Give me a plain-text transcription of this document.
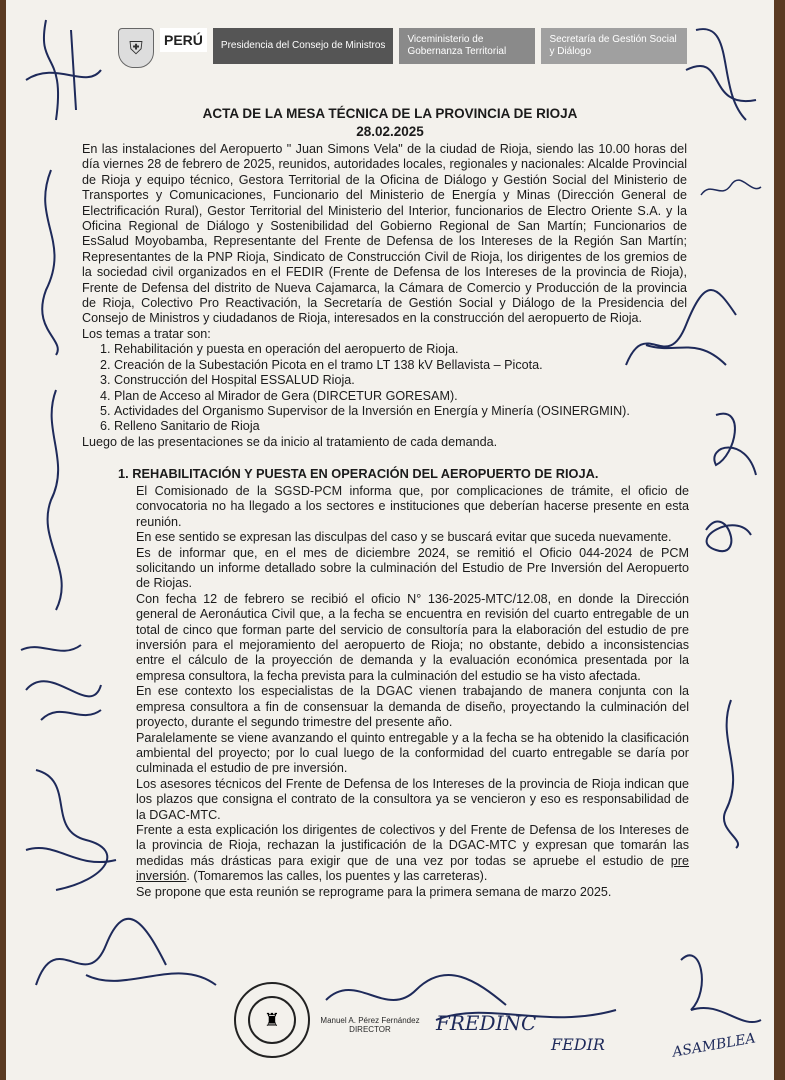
⛨	PERÚ	Presidencia del Consejo de Ministros
Viceministerio de Gobernanza Territorial
Secretaría de Gestión Social y Diálogo
ACTA DE LA MESA TÉCNICA DE LA PROVINCIA DE RIOJA
28.02.2025

En las instalaciones del Aeropuerto " Juan Simons Vela" de la ciudad de Rioja, siendo las 10.00 horas del día viernes 28 de febrero de 2025, reunidos, autoridades locales, regionales y nacionales: Alcalde Provincial de Rioja y equipo técnico, Gestora Territorial de la Oficina de Diálogo y Gestión Social del Ministerio de Transportes y Comunicaciones, Funcionario del Ministerio de Energía y Minas (Dirección General de Electrificación Rural), Gestor Territorial del Ministerio del Interior, funcionarios de Electro Oriente S.A. y la Oficina Regional de Diálogo y Sostenibilidad del Gobierno Regional de San Martín; Funcionarios de EsSalud Moyobamba, Representante del Frente de Defensa de los Intereses de la Región San Martín; Representantes de la PNP Rioja, Sindicato de Construcción Civil de Rioja, los dirigentes de los gremios de la sociedad civil organizados en el FEDIR (Frente de Defensa de los Intereses de la provincia de Rioja), Frente de Defensa del distrito de Nueva Cajamarca, la Cámara de Comercio y Producción de la provincia de Rioja, Colectivo Pro Reactivación, la Secretaría de Gestión Social y Diálogo de la Presidencia del Consejo de Ministros y ciudadanos de Rioja, interesados en la construcción del aeropuerto de Rioja.

Los temas a tratar son:

1. Rehabilitación y puesta en operación del aeropuerto de Rioja.
2. Creación de la Subestación Picota en el tramo LT 138 kV Bellavista – Picota.
3. Construcción del Hospital ESSALUD Rioja.
4. Plan de Acceso al Mirador de Gera (DIRCETUR GORESAM).
5. Actividades del Organismo Supervisor de la Inversión en Energía y Minería (OSINERGMIN).
6. Relleno Sanitario de Rioja

Luego de las presentaciones se da inicio al tratamiento de cada demanda.

1. REHABILITACIÓN Y PUESTA EN OPERACIÓN DEL AEROPUERTO DE RIOJA.

El Comisionado de la SGSD-PCM informa que, por complicaciones de trámite, el oficio de convocatoria no ha llegado a los sectores e instituciones que deberían hacerse presente en esta reunión.

En ese sentido se expresan las disculpas del caso y se buscará evitar que suceda nuevamente.

Es de informar que, en el mes de diciembre 2024, se remitió el Oficio 044-2024 de PCM solicitando un informe detallado sobre la culminación del Estudio de Pre Inversión del Aeropuerto de Riojas.

Con fecha 12 de febrero se recibió el oficio N° 136-2025-MTC/12.08, en donde la Dirección general de Aeronáutica Civil que, a la fecha se encuentra en revisión del cuarto entregable de un total de cinco que forman parte del servicio de consultoría para la elaboración del estudio de pre inversión para el mejoramiento del aeropuerto de Rioja; no obstante, debido a inconsistencias entre el cálculo de la proyección de demanda y la evaluación económica presentada por la empresa consultora, la fecha prevista para la culminación del estudio se ha visto afectada.

En ese contexto los especialistas de la DGAC vienen trabajando de manera conjunta con la empresa consultora a fin de consensuar la demanda de diseño, proyectando la culminación del proyecto, durante el segundo trimestre del presente año.

Paralelamente se viene avanzando el quinto entregable y a la fecha se ha obtenido la clasificación ambiental del proyecto; por lo cual luego de la conformidad del cuarto entregable se daría por culminada el estudio de pre inversión.

Los asesores técnicos del Frente de Defensa de los Intereses de la provincia de Rioja indican que los plazos que consigna el contrato de la consultora ya se vencieron y eso es responsabilidad de la DGAC-MTC.

Frente a esta explicación los dirigentes de colectivos y del Frente de Defensa de los Intereses de la provincia de Rioja, rechazan la justificación de la DGAC-MTC y expresan que tomarán las medidas más drásticas para exigir que de una vez por todas se apruebe el estudio de pre inversión. (Tomaremos las calles, los puentes y las carreteras).

Se propone que esta reunión se reprograme para la primera semana de marzo 2025.

FREDINC
FEDIR	ASAMBLEA
♜	Manuel A. Pérez Fernández
DIRECTOR
